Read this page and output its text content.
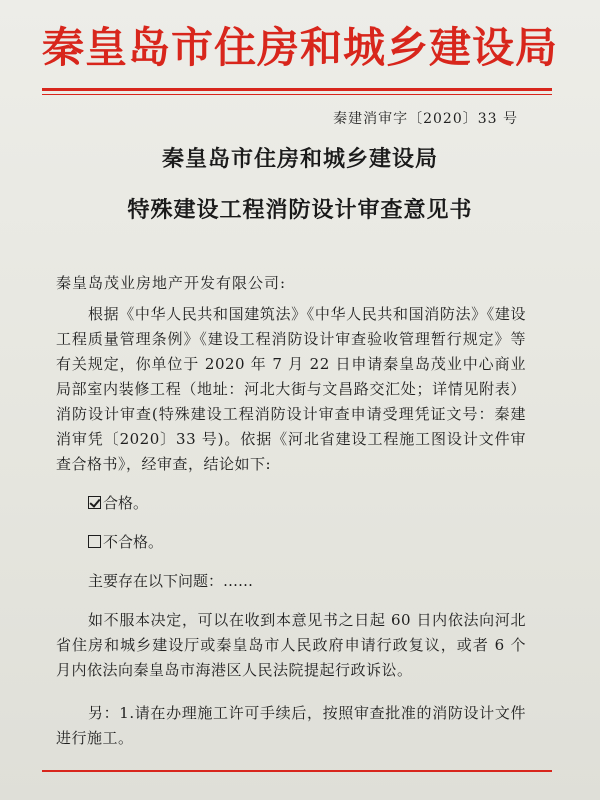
秦皇岛市住房和城乡建设局
秦建消审字〔2020〕33 号
秦皇岛市住房和城乡建设局
特殊建设工程消防设计审查意见书
秦皇岛茂业房地产开发有限公司:

根据《中华人民共和国建筑法》《中华人民共和国消防法》《建设工程质量管理条例》《建设工程消防设计审查验收管理暂行规定》等有关规定，你单位于 2020 年 7 月 22 日申请秦皇岛茂业中心商业局部室内装修工程（地址：河北大街与文昌路交汇处；详情见附表）消防设计审查(特殊建设工程消防设计审查申请受理凭证文号：秦建消审凭〔2020〕33 号)。依据《河北省建设工程施工图设计文件审查合格书》，经审查，结论如下:

合格。

不合格。

主要存在以下问题：……

如不服本决定，可以在收到本意见书之日起 60 日内依法向河北省住房和城乡建设厅或秦皇岛市人民政府申请行政复议，或者 6 个月内依法向秦皇岛市海港区人民法院提起行政诉讼。

另：1.请在办理施工许可手续后，按照审查批准的消防设计文件进行施工。
